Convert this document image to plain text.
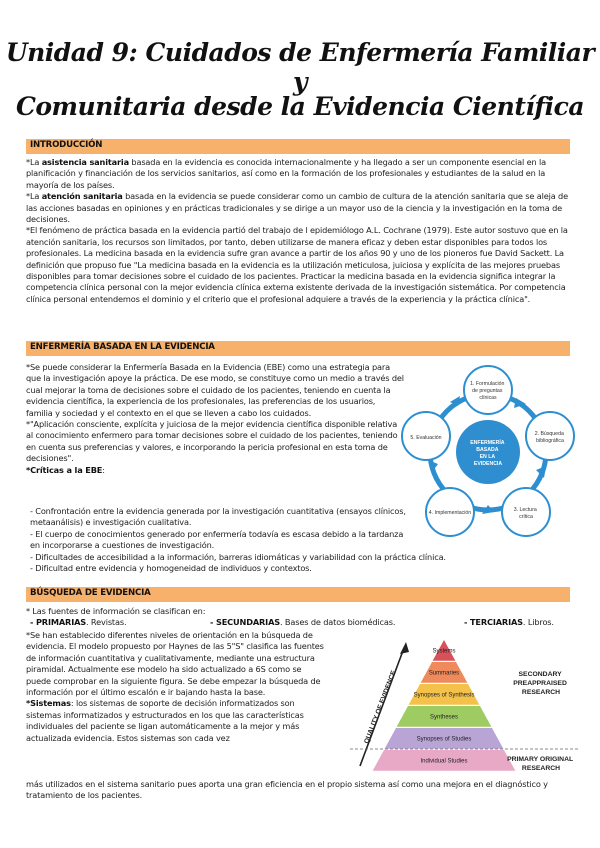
Unidad 9: Cuidados de Enfermería Familiar y
Comunitaria desde la Evidencia Científica
INTRODUCCIÓN
*La asistencia sanitaria basada en la evidencia es conocida internacionalmente y ha llegado a ser un componente esencial en la planificación y financiación de los servicios sanitarios, así como en la formación de los profesionales y estudiantes de la salud en la mayoría de los países.
*La atención sanitaria basada en la evidencia se puede considerar como un cambio de cultura de la atención sanitaria que se aleja de las acciones basadas en opiniones y en prácticas tradicionales y se dirige a un mayor uso de la ciencia y la investigación en la toma de decisiones.
*El fenómeno de práctica basada en la evidencia partió del trabajo de l epidemiólogo A.L. Cochrane (1979). Este autor sostuvo que en la atención sanitaria, los recursos son limitados, por tanto, deben utilizarse de manera eficaz y deben estar disponibles para todos los profesionales. La medicina basada en la evidencia sufre gran avance a partir de los años 90 y uno de los pioneros fue David Sackett. La definición que propuso fue "La medicina basada en la evidencia es la utilización meticulosa, juiciosa y explícita de las mejores pruebas disponibles para tomar decisiones sobre el cuidado de los pacientes. Practicar la medicina basada en la evidencia significa integrar la competencia clínica personal con la mejor evidencia clínica externa existente derivada de la investigación sistemática. Por competencia clínica personal entendemos el dominio y el criterio que el profesional adquiere a través de la experiencia y la práctica clínica".
ENFERMERÍA BASADA EN LA EVIDENCIA
*Se puede considerar la Enfermería Basada en la Evidencia (EBE) como una estrategia para que la investigación apoye la práctica. De ese modo, se constituye como un medio a través del cual mejorar la toma de decisiones sobre el cuidado de los pacientes, teniendo en cuenta la evidencia científica, la experiencia de los profesionales, las preferencias de los usuarios, familia y sociedad y el contexto en el que se lleven a cabo los cuidados.
*"Aplicación consciente, explícita y juiciosa de la mejor evidencia científica disponible relativa al conocimiento enfermero para tomar decisiones sobre el cuidado de los pacientes, teniendo en cuenta sus preferencias y valores, e incorporando la pericia profesional en esta toma de decisiones".
*Críticas a la EBE:
- Confrontación entre la evidencia generada por la investigación cuantitativa (ensayos clínicos, metaanálisis) e investigación cualitativa.
- El cuerpo de conocimientos generado por enfermería todavía es escasa debido a la tardanza en incorporarse a cuestiones de investigación.
- Dificultades de accesibilidad a la información, barreras idiomáticas y variabilidad con la práctica clínica.
- Dificultad entre evidencia y homogeneidad de individuos y contextos.
ENFERMERÍA BASADA EN LA EVIDENCIA
1. Formulación de preguntas clínicas
2. Búsqueda bibliográfica
3. Lectura crítica
4. Implementación
5. Evaluación
BÚSQUEDA DE EVIDENCIA
* Las fuentes de información se clasifican en:
- PRIMARIAS. Revistas.	- SECUNDARIAS. Bases de datos biomédicas.	- TERCIARIAS. Libros.
*Se han establecido diferentes niveles de orientación en la búsqueda de evidencia. El modelo propuesto por Haynes de las 5"S" clasifica las fuentes de información cuantitativa y cualitativamente, mediante una estructura piramidal. Actualmente ese modelo ha sido actualizado a 6S como se puede comprobar en la siguiente figura. Se debe empezar la búsqueda de información por el último escalón e ir bajando hasta la base.
*Sistemas: los sistemas de soporte de decisión informatizados son sistemas informatizados y estructurados en los que las características individuales del paciente se ligan automáticamente a la mejor y más actualizada evidencia. Estos sistemas son cada vez
más utilizados en el sistema sanitario pues aporta una gran eficiencia en el propio sistema así como una mejora en el diagnóstico y tratamiento de los pacientes.
Systems
Summaries
Synopses of Synthesis
Syntheses
Synopses of Studies
Individual Studies
QUALITY OF EVIDENCE	SECONDARY PREAPPRAISED RESEARCH
PRIMARY ORIGINAL RESEARCH
